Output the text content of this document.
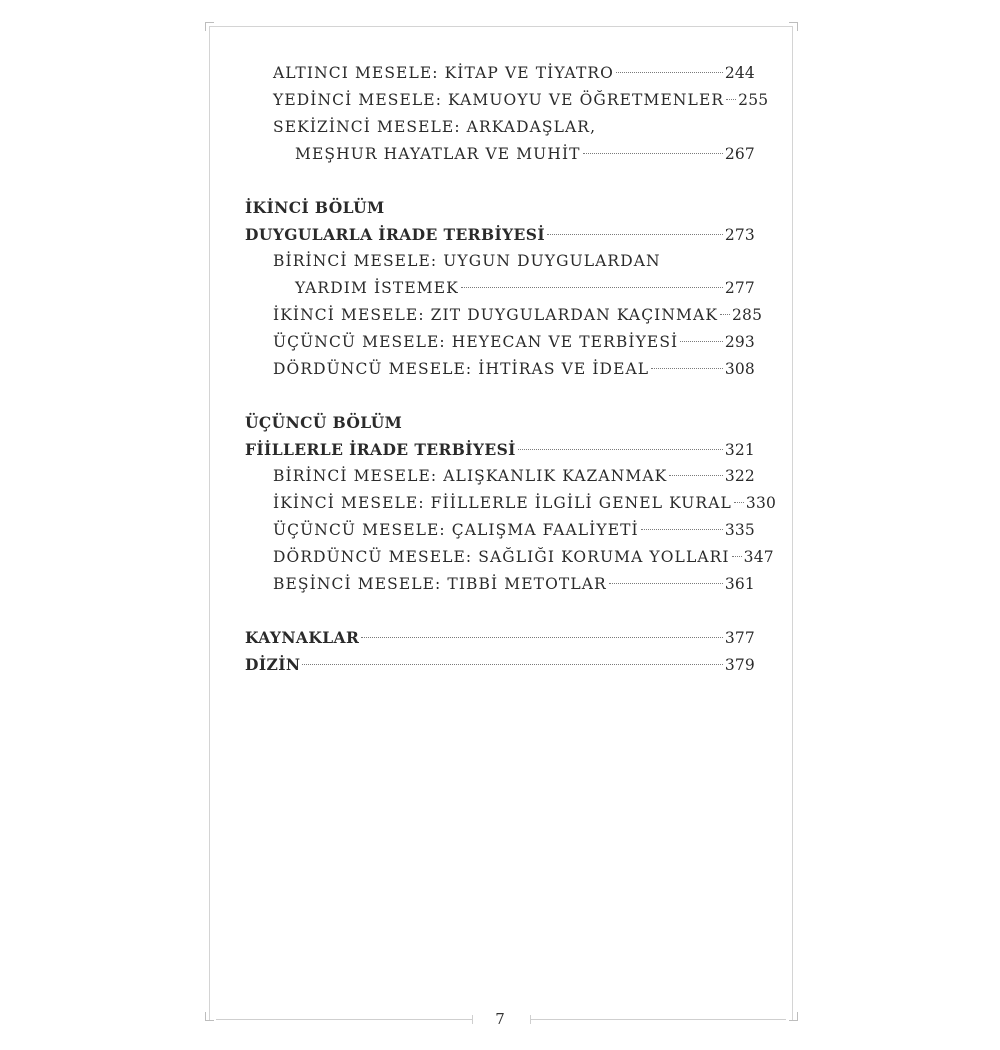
ALTINCI MESELE: KİTAP VE TİYATRO	244
YEDİNCİ MESELE: KAMUOYU VE ÖĞRETMENLER 255
SEKİZİNCİ MESELE: ARKADAŞLAR,
MEŞHUR HAYATLAR VE MUHİT	267
İKİNCİ BÖLÜM
DUYGULARLA İRADE TERBİYESİ	273
BİRİNCİ MESELE: UYGUN DUYGULARDAN
YARDIM İSTEMEK	277
İKİNCİ MESELE: ZIT DUYGULARDAN KAÇINMAK 285
ÜÇÜNCÜ MESELE: HEYECAN VE TERBİYESİ	293
DÖRDÜNCÜ MESELE: İHTİRAS VE İDEAL	308
ÜÇÜNCÜ BÖLÜM
FİİLLERLE İRADE TERBİYESİ	321
BİRİNCİ MESELE: ALIŞKANLIK KAZANMAK	322
İKİNCİ MESELE: FİİLLERLE İLGİLİ GENEL KURAL 330
ÜÇÜNCÜ MESELE: ÇALIŞMA FAALİYETİ	335
DÖRDÜNCÜ MESELE: SAĞLIĞI KORUMA YOLLARI 347
BEŞİNCİ MESELE: TIBBİ METOTLAR	361
KAYNAKLAR	377
DİZİN	379
7
